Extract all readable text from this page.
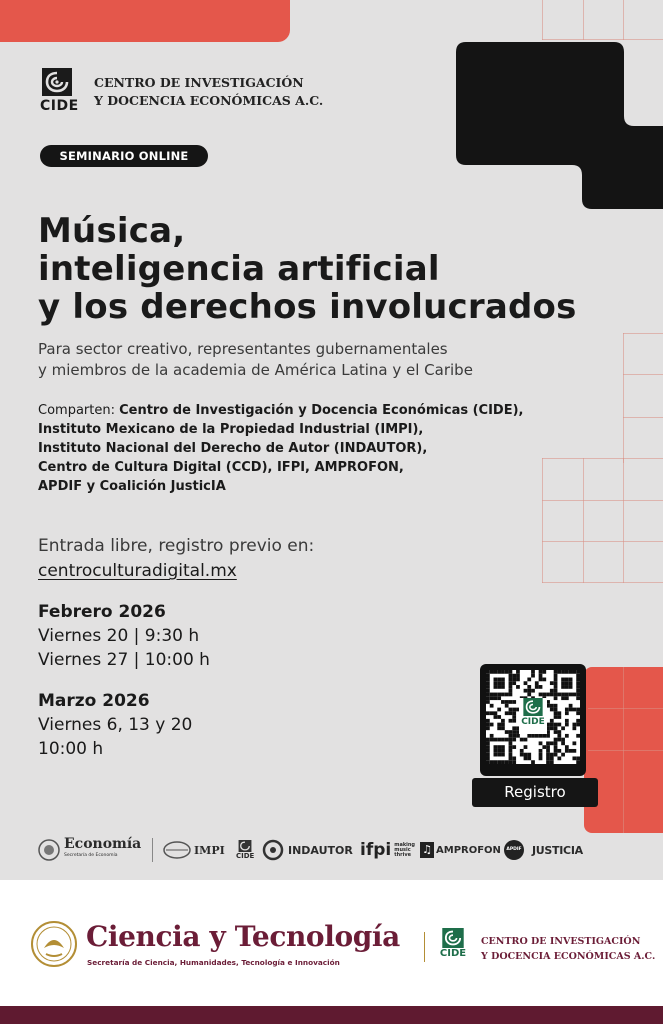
CIDE
CENTRO DE INVESTIGACIÓN
Y DOCENCIA ECONÓMICAS A.C.
SEMINARIO ONLINE
Música,
inteligencia artificial
y los derechos involucrados
Para sector creativo, representantes gubernamentales
y miembros de la academia de América Latina y el Caribe
Comparten: Centro de Investigación y Docencia Económicas (CIDE),
Instituto Mexicano de la Propiedad Industrial (IMPI),
Instituto Nacional del Derecho de Autor (INDAUTOR),
Centro de Cultura Digital (CCD), IFPI, AMPROFON,
APDIF y Coalición JusticIA
Entrada libre, registro previo en:
centroculturadigital.mx
Febrero 2026
Viernes 20 | 9:30 h
Viernes 27 | 10:00 h
Marzo 2026
Viernes 6, 13 y 20
10:00 h
CIDE
Registro
Economía
Secretaría de Economía	IMPI CIDE	INDAUTOR ifpi making music thrive ♫ AMPROFON	APDIF JUSTICIA
Ciencia y Tecnología
Secretaría de Ciencia, Humanidades, Tecnología e Innovación
CIDE
CENTRO DE INVESTIGACIÓN
Y DOCENCIA ECONÓMICAS A.C.
